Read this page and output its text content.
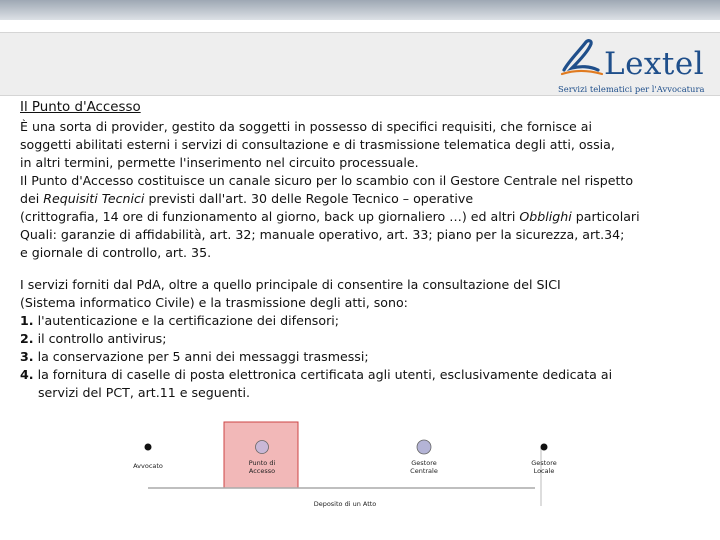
Lextel
Servizi telematici per l'Avvocatura
Il Punto d'Accesso
È una sorta di provider, gestito da soggetti in possesso di specifici requisiti, che fornisce ai
soggetti abilitati esterni i servizi di consultazione e di trasmissione telematica degli atti, ossia,
in altri termini, permette l'inserimento nel circuito processuale.
Il Punto d'Accesso costituisce un canale sicuro per lo scambio con il Gestore Centrale nel rispetto
dei Requisiti Tecnici previsti dall'art. 30 delle Regole Tecnico – operative
(crittografia, 14 ore di funzionamento al giorno, back up giornaliero …) ed altri Obblighi particolari
Quali: garanzie di affidabilità, art. 32; manuale operativo, art. 33; piano per la sicurezza, art.34;
e giornale di controllo, art. 35.
I servizi forniti dal PdA, oltre a quello principale di consentire la consultazione del SICI
(Sistema informatico Civile) e la trasmissione degli atti, sono:
1. l'autenticazione e la certificazione dei difensori;
2. il controllo antivirus;
3. la conservazione per 5 anni dei messaggi trasmessi;
4. la fornitura di caselle di posta elettronica certificata agli utenti, esclusivamente dedicata ai
servizi del PCT, art.11 e seguenti.
Avvocato	Punto di Accesso
Gestore Centrale
Gestore Locale
Deposito di un Atto
